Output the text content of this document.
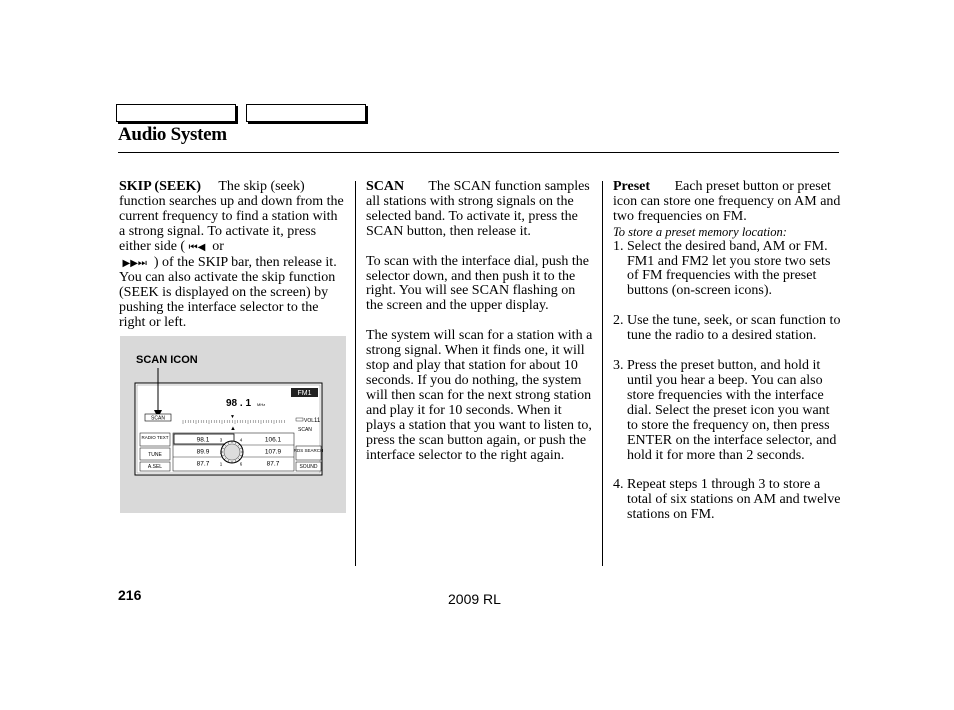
Audio System

SKIP (SEEK) The skip (seek) function searches up and down from the current frequency to find a station with a strong signal. To activate it, press either side ( ⏮◀ or
▶▶⏭ ) of the SKIP bar, then release it. You can also activate the skip function (SEEK is displayed on the screen) by pushing the interface selector to the right or left.

SCAN ICON
FM1
98 . 1 MHz
SCAN	▼
VOL 11
SCAN
▲
RADIO TEXT
TUNE
A.SEL
RDS SEARCH
SOUND
3
98.1	4	106.1
89.9	107.9
1
87.7	6	87.7

SCAN The SCAN function samples all stations with strong signals on the selected band. To activate it, press the SCAN button, then release it.

To scan with the interface dial, push the selector down, and then push it to the right. You will see SCAN flashing on the screen and the upper display.

The system will scan for a station with a strong signal. When it finds one, it will stop and play that station for about 10 seconds. If you do nothing, the system will then scan for the next strong station and play it for 10 seconds. When it plays a station that you want to listen to, press the scan button again, or push the interface selector to the right again.

Preset Each preset button or preset icon can store one frequency on AM and two frequencies on FM.

To store a preset memory location:

1. Select the desired band, AM or FM. FM1 and FM2 let you store two sets of FM frequencies with the preset buttons (on-screen icons).
2. Use the tune, seek, or scan function to tune the radio to a desired station.
3. Press the preset button, and hold it until you hear a beep. You can also store frequencies with the interface dial. Select the preset icon you want to store the frequency on, then press ENTER on the interface selector, and hold it for more than 2 seconds.
4. Repeat steps 1 through 3 to store a total of six stations on AM and twelve stations on FM.
216	2009 RL
